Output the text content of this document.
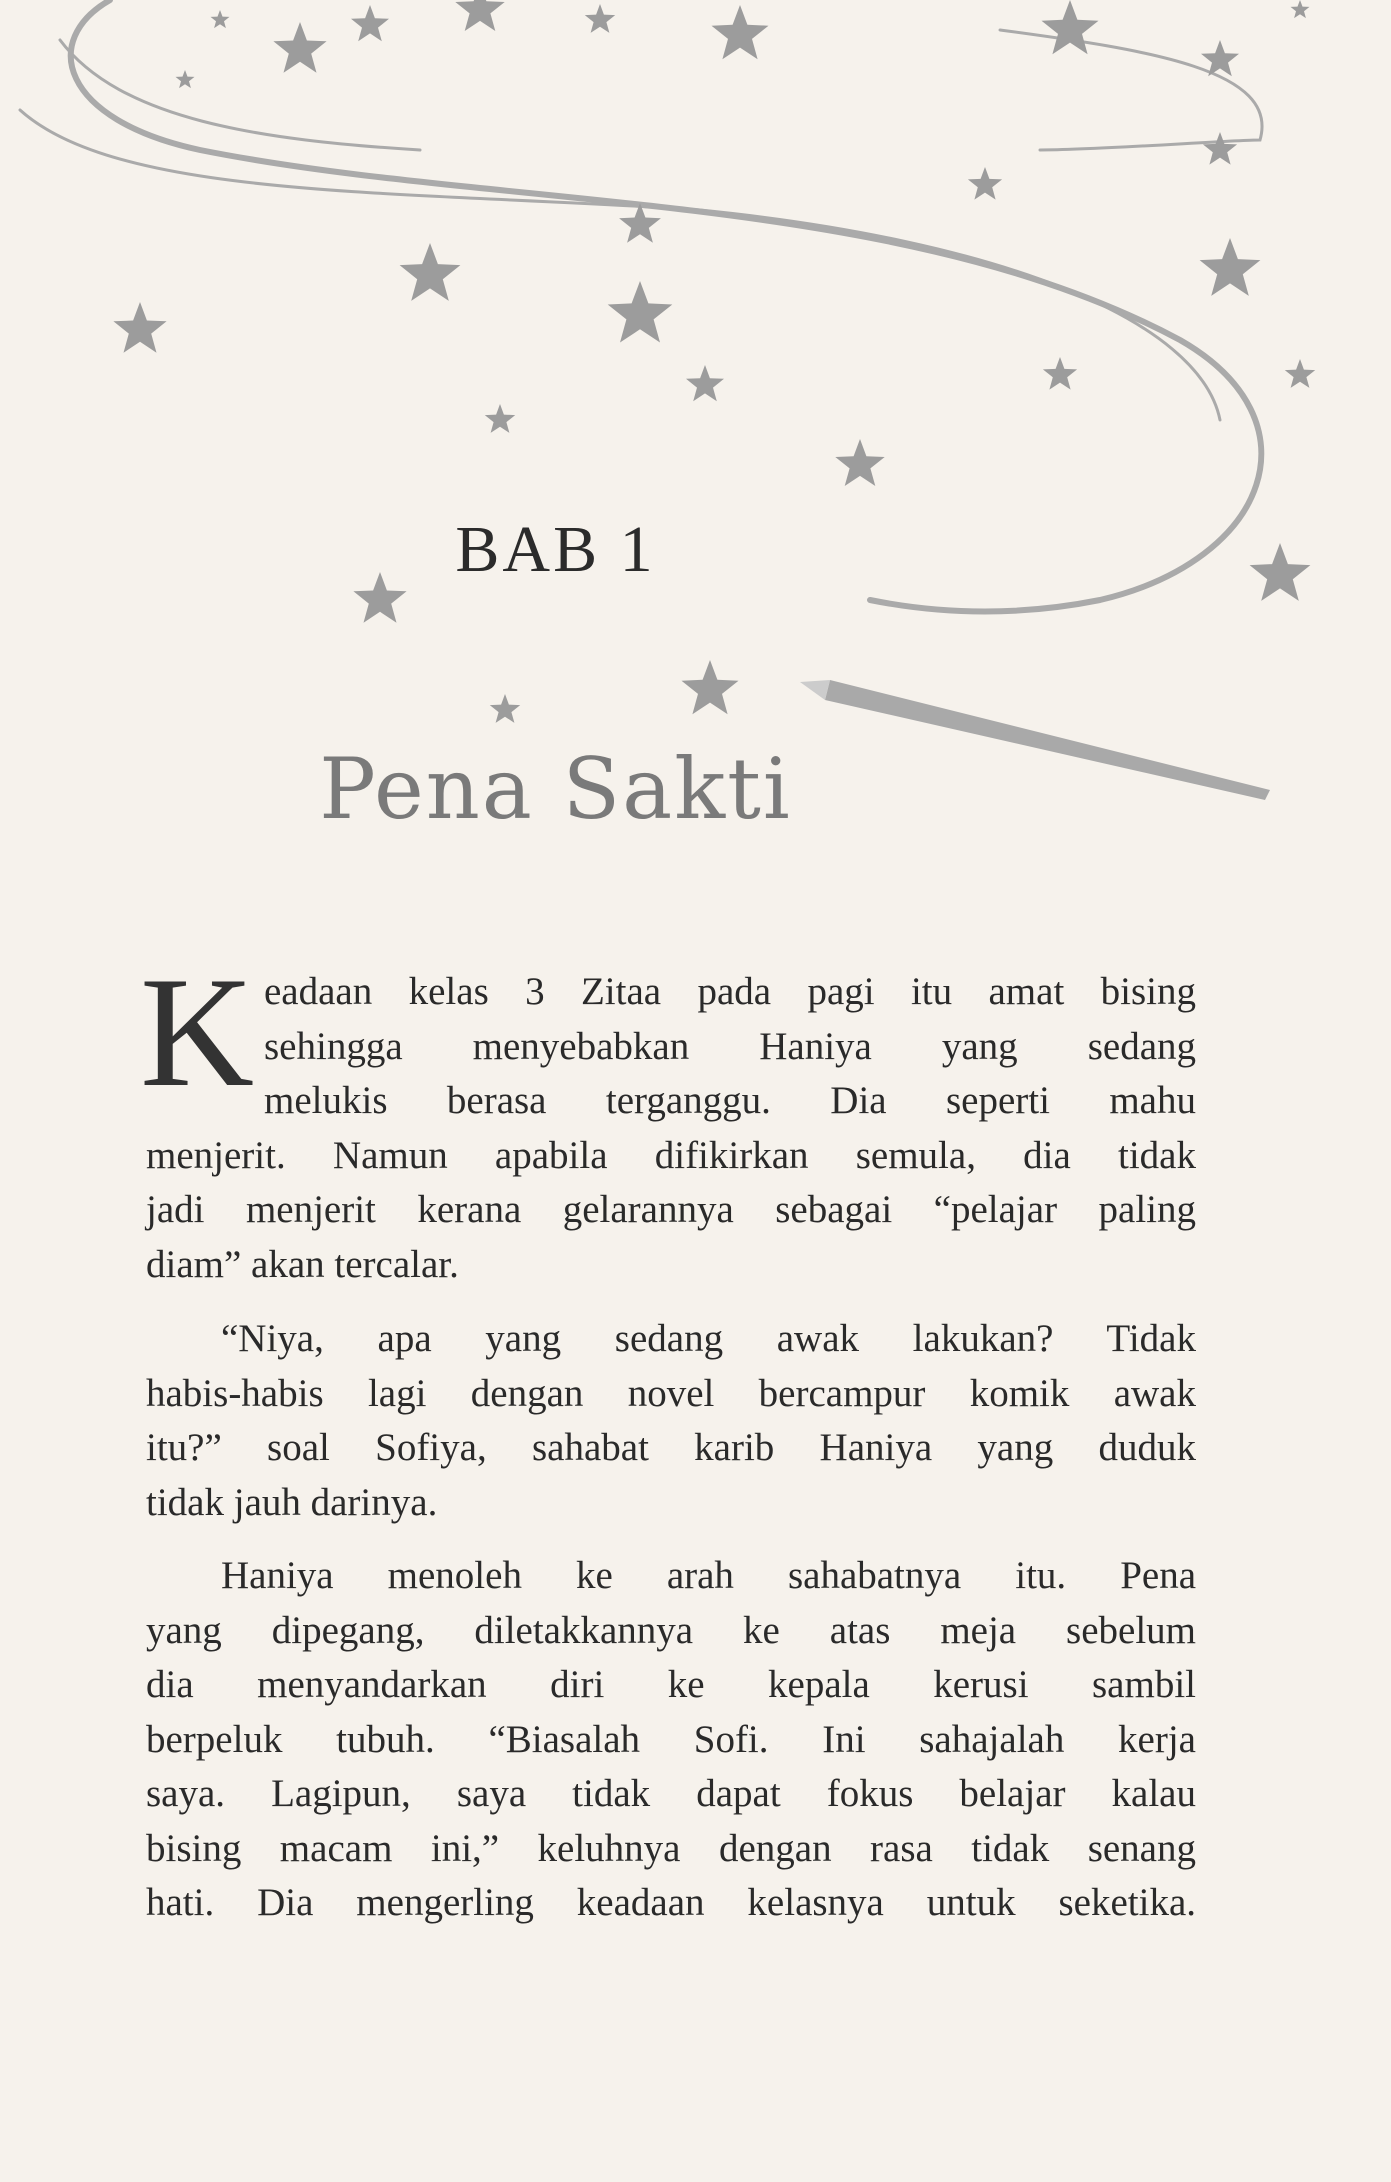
BAB 1
Pena Sakti
K eadaan kelas 3 Zitaa pada pagi itu amat bising
sehingga menyebabkan Haniya yang sedang
melukis berasa terganggu. Dia seperti mahu
menjerit. Namun apabila difikirkan semula, dia tidak
jadi menjerit kerana gelarannya sebagai “pelajar paling
diam” akan tercalar.
“Niya, apa yang sedang awak lakukan? Tidak
habis-habis lagi dengan novel bercampur komik awak
itu?” soal Sofiya, sahabat karib Haniya yang duduk
tidak jauh darinya.
Haniya menoleh ke arah sahabatnya itu. Pena
yang dipegang, diletakkannya ke atas meja sebelum
dia menyandarkan diri ke kepala kerusi sambil
berpeluk tubuh. “Biasalah Sofi. Ini sahajalah kerja
saya. Lagipun, saya tidak dapat fokus belajar kalau
bising macam ini,” keluhnya dengan rasa tidak senang
hati. Dia mengerling keadaan kelasnya untuk seketika.
